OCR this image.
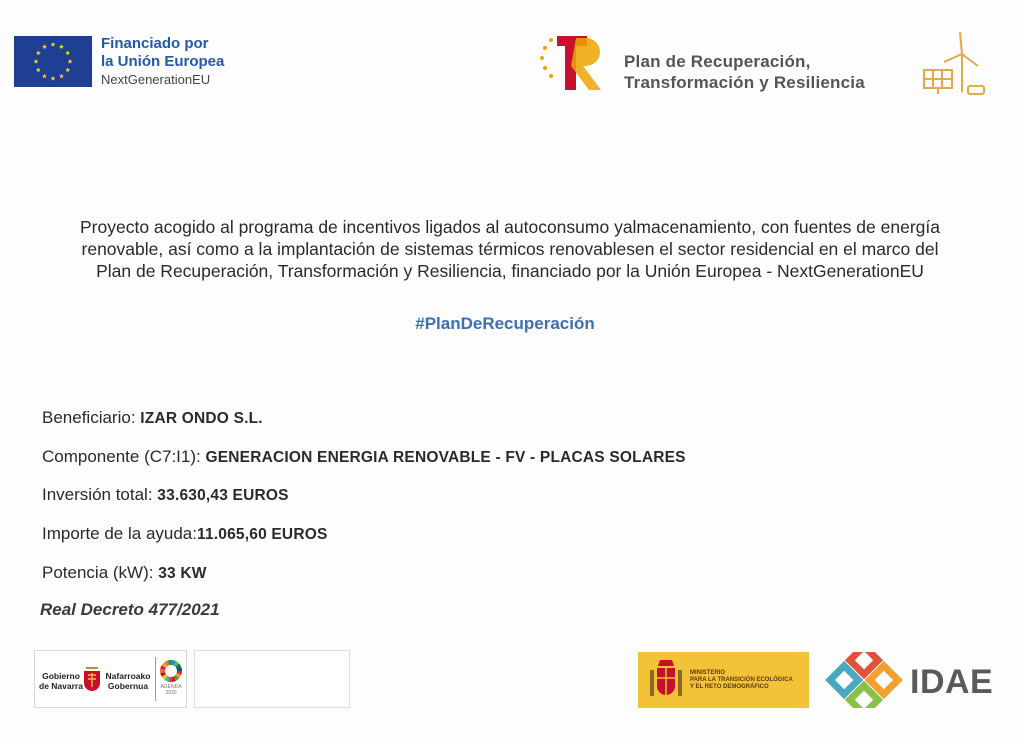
Financiado por
la Unión Europea
NextGenerationEU
Plan de Recuperación,
Transformación y Resiliencia
Proyecto acogido al programa de incentivos ligados al autoconsumo yalmacenamiento, con fuentes de energía
renovable, así como a la implantación de sistemas térmicos renovablesen el sector residencial en el marco del
Plan de Recuperación, Transformación y Resiliencia, financiado por la Unión Europea - NextGenerationEU
#PlanDeRecuperación
Beneficiario: IZAR ONDO S.L.
Componente (C7:I1): GENERACION ENERGIA RENOVABLE - FV - PLACAS SOLARES
Inversión total: 33.630,43 EUROS
Importe de la ayuda:11.065,60 EUROS
Potencia (kW): 33 KW
Real Decreto 477/2021
Gobierno
de Navarra
Nafarroako
Gobernua	AGENDA 2030
MINISTERIO
PARA LA TRANSICIÓN ECOLÓGICA
Y EL RETO DEMOGRÁFICO	IDAE
